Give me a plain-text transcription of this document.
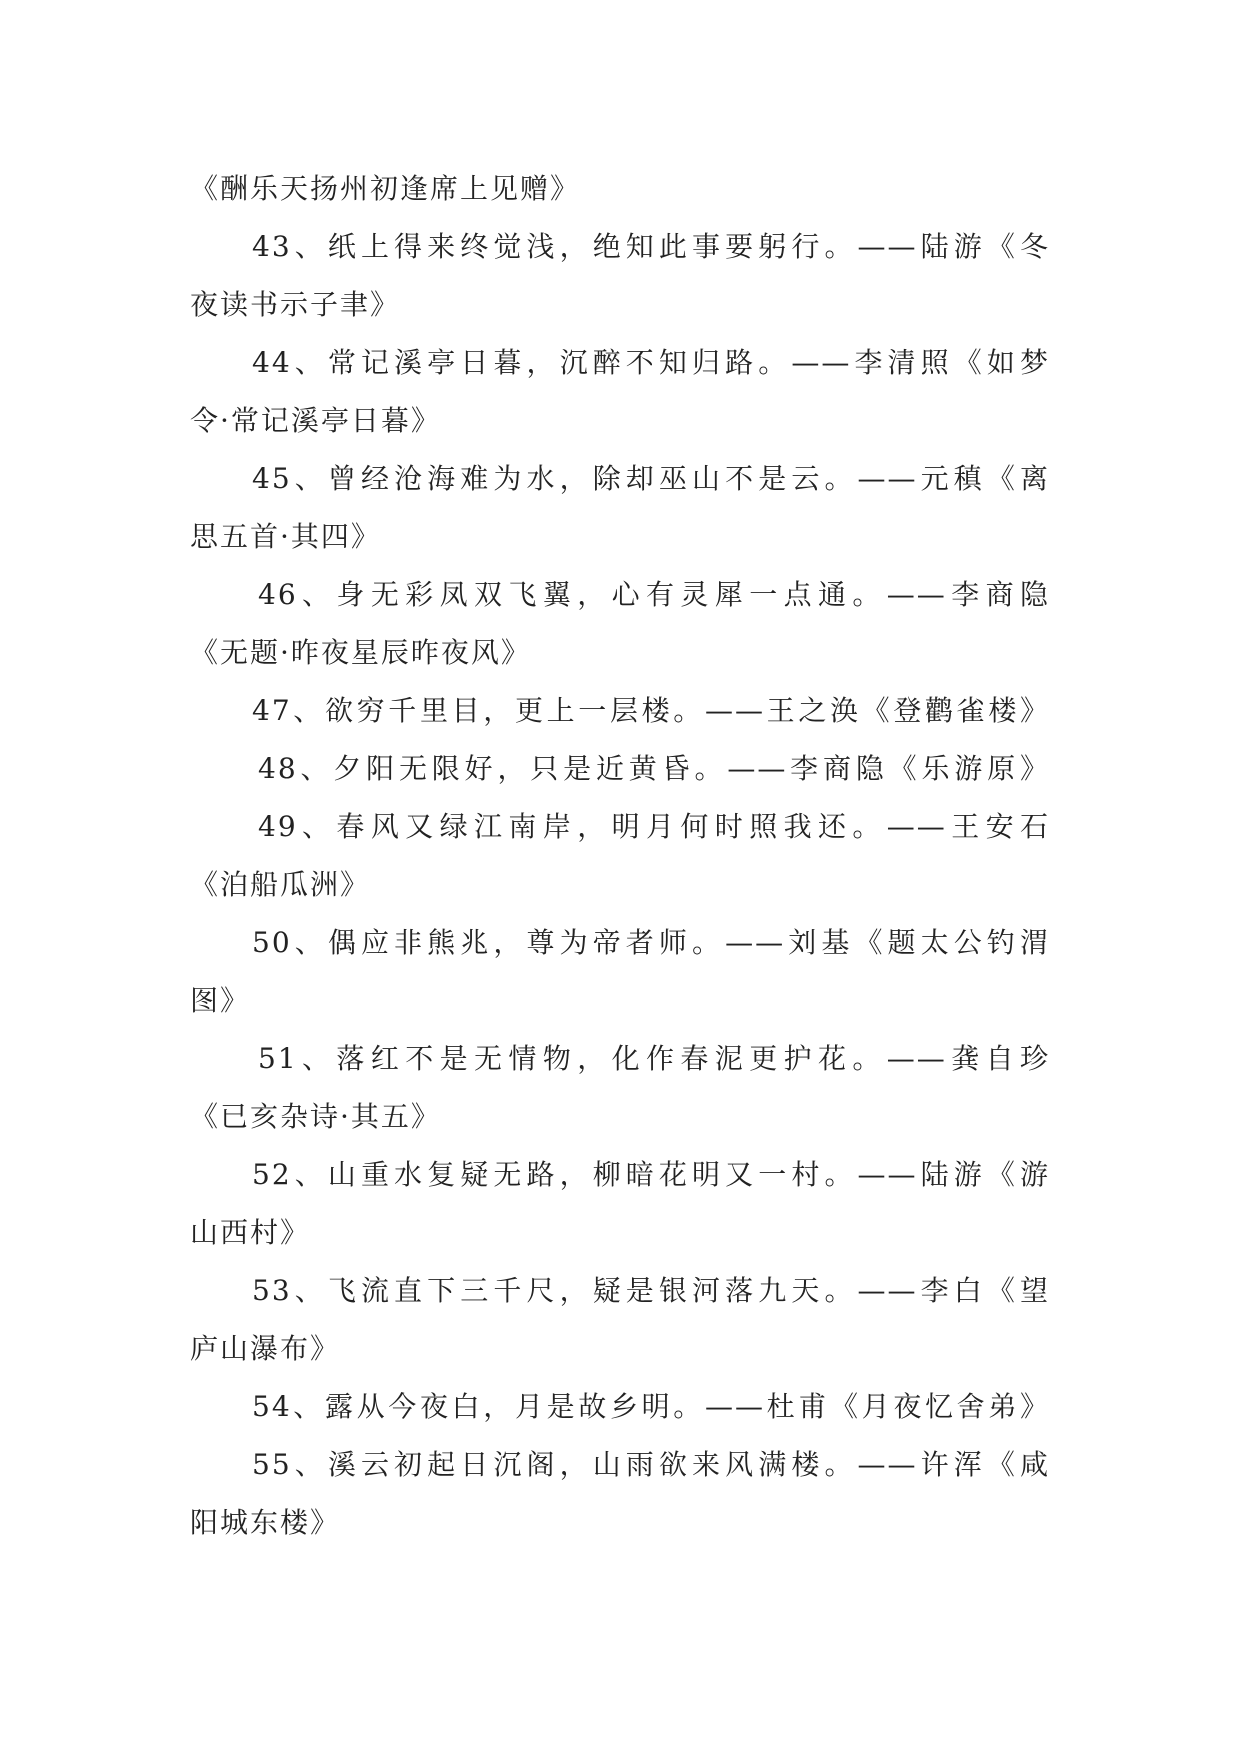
《酬乐天扬州初逢席上见赠》
43、纸上得来终觉浅，绝知此事要躬行。——陆游《冬
夜读书示子聿》
44、常记溪亭日暮，沉醉不知归路。——李清照《如梦
令·常记溪亭日暮》
45、曾经沧海难为水，除却巫山不是云。——元稹《离
思五首·其四》
46、身无彩凤双飞翼，心有灵犀一点通。——李商隐
《无题·昨夜星辰昨夜风》
47、欲穷千里目，更上一层楼。——王之涣《登鹳雀楼》
48、夕阳无限好，只是近黄昏。——李商隐《乐游原》
49、春风又绿江南岸，明月何时照我还。——王安石
《泊船瓜洲》
50、偶应非熊兆，尊为帝者师。——刘基《题太公钓渭
图》
51、落红不是无情物，化作春泥更护花。——龚自珍
《已亥杂诗·其五》
52、山重水复疑无路，柳暗花明又一村。——陆游《游
山西村》
53、飞流直下三千尺，疑是银河落九天。——李白《望
庐山瀑布》
54、露从今夜白，月是故乡明。——杜甫《月夜忆舍弟》
55、溪云初起日沉阁，山雨欲来风满楼。——许浑《咸
阳城东楼》
